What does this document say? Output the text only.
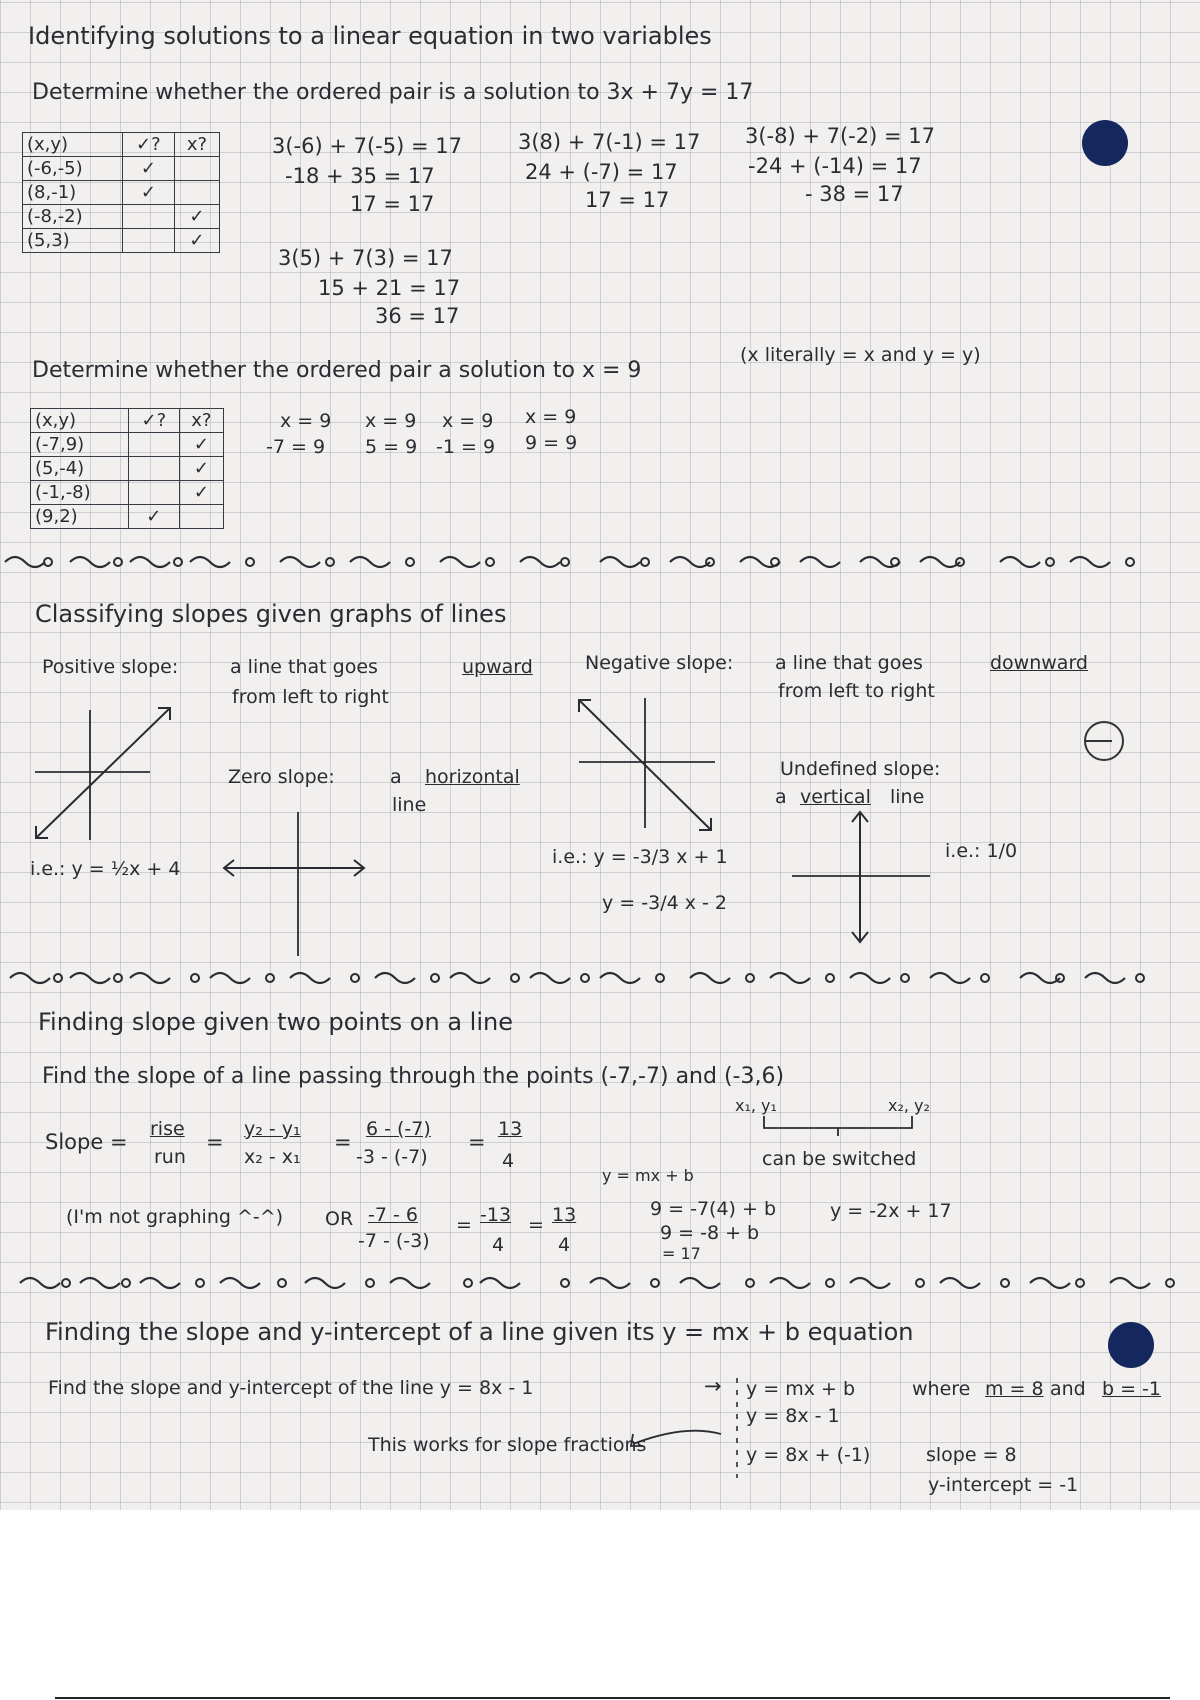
Identifying solutions to a linear equation in two variables
Determine whether the ordered pair is a solution to 3x + 7y = 17
(x,y)	✓?	x?
(-6,-5)	✓	
(8,-1)	✓	
(-8,-2)		✓
(5,3)		✓
3(-6) + 7(-5) = 17
-18 + 35 = 17
17 = 17
3(8) + 7(-1) = 17
24 + (-7) = 17
17 = 17
3(-8) + 7(-2) = 17
-24 + (-14) = 17
- 38 = 17
3(5) + 7(3) = 17
15 + 21 = 17
36 = 17
Determine whether the ordered pair a solution to x = 9
(x literally = x and y = y)
(x,y)	✓?	x?
(-7,9)		✓
(5,-4)		✓
(-1,-8)		✓
(9,2)	✓	
x = 9
-7 = 9
x = 9
5 = 9
x = 9
-1 = 9
x = 9
9 = 9
Classifying slopes given graphs of lines
Positive slope:	a line that goes	upward
from left to right
i.e.: y = ½x + 4
Zero slope:	a horizontal
line
Negative slope: a line that goes	downward
from left to right
i.e.: y = -3/3 x + 1
y = -3/4 x - 2
Undefined slope:
a vertical line
i.e.: 1/0
Finding slope given two points on a line
Find the slope of a line passing through the points (-7,-7) and (-3,6)
x₁, y₁	x₂, y₂
can be switched
Slope =
rise
run
=
y₂ - y₁
x₂ - x₁
=
6 - (-7)
-3 - (-7)
=
13
4
(I'm not graphing ^-^) OR -7 - 6
-7 - (-3)
= -13
4
= 13
4
y = mx + b
9 = -7(4) + b
9 = -8 + b
= 17
y = -2x + 17
Finding the slope and y-intercept of a line given its y = mx + b equation
Find the slope and y-intercept of the line y = 8x - 1	→ y = mx + b
y = 8x - 1
y = 8x + (-1)
where m = 8 and b = -1
This works for slope fractions	slope = 8
y-intercept = -1
